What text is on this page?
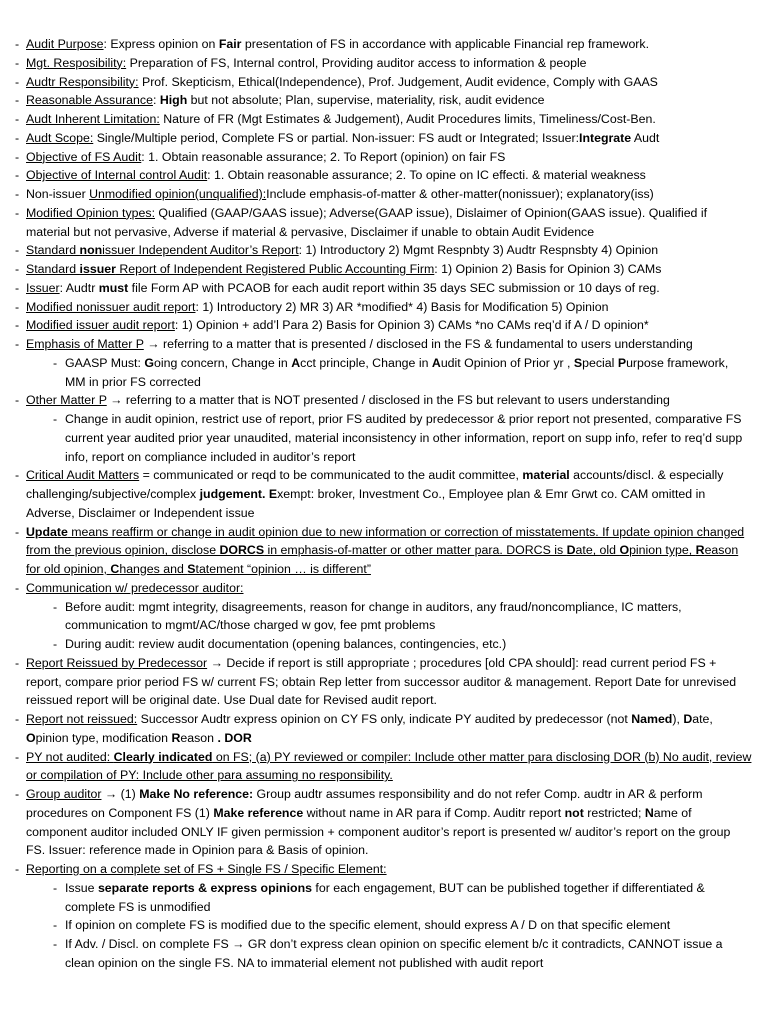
- Audit Purpose: Express opinion on Fair presentation of FS in accordance with applicable Financial rep framework.
- Mgt. Resposibility: Preparation of FS, Internal control, Providing auditor access to information & people
- Audtr Responsibility: Prof. Skepticism, Ethical(Independence), Prof. Judgement, Audit evidence, Comply with GAAS
- Reasonable Assurance: High but not absolute; Plan, supervise, materiality, risk, audit evidence
- Audt Inherent Limitation: Nature of FR (Mgt Estimates & Judgement), Audit Procedures limits, Timeliness/Cost-Ben.
- Audt Scope: Single/Multiple period, Complete FS or partial. Non-issuer: FS audt or Integrated; Issuer:Integrate Audt
- Objective of FS Audit: 1. Obtain reasonable assurance; 2. To Report (opinion) on fair FS
- Objective of Internal control Audit: 1. Obtain reasonable assurance; 2. To opine on IC effecti. & material weakness
- Non-issuer Unmodified opinion(unqualified):Include emphasis-of-matter & other-matter(nonissuer); explanatory(iss)
- Modified Opinion types: Qualified (GAAP/GAAS issue); Adverse(GAAP issue), Dislaimer of Opinion(GAAS issue). Qualified if material but not pervasive, Adverse if material & pervasive, Disclaimer if unable to obtain Audit Evidence
- Standard nonissuer Independent Auditor’s Report: 1) Introductory 2) Mgmt Respnbty 3) Audtr Respnsbty 4) Opinion
- Standard issuer Report of Independent Registered Public Accounting Firm: 1) Opinion 2) Basis for Opinion 3) CAMs
- Issuer: Audtr must file Form AP with PCAOB for each audit report within 35 days SEC submission or 10 days of reg.
- Modified nonissuer audit report: 1) Introductory 2) MR 3) AR *modified* 4) Basis for Modification 5) Opinion
- Modified issuer audit report: 1) Opinion + add’l Para 2) Basis for Opinion 3) CAMs *no CAMs req’d if A / D opinion*
- Emphasis of Matter P → referring to a matter that is presented / disclosed in the FS & fundamental to users understanding
- GAASP Must: Going concern, Change in Acct principle, Change in Audit Opinion of Prior yr , Special Purpose framework, MM in prior FS corrected
- Other Matter P → referring to a matter that is NOT presented / disclosed in the FS but relevant to users understanding
- Change in audit opinion, restrict use of report, prior FS audited by predecessor & prior report not presented, comparative FS current year audited prior year unaudited, material inconsistency in other information, report on supp info, refer to req’d supp info, report on compliance included in auditor’s report
- Critical Audit Matters = communicated or reqd to be communicated to the audit committee, material accounts/discl. & especially challenging/subjective/complex judgement. Exempt: broker, Investment Co., Employee plan & Emr Grwt co. CAM omitted in Adverse, Disclaimer or Independent issue
- Update means reaffirm or change in audit opinion due to new information or correction of misstatements. If update opinion changed from the previous opinion, disclose DORCS in emphasis-of-matter or other matter para. DORCS is Date, old Opinion type, Reason for old opinion, Changes and Statement “opinion … is different”
- Communication w/ predecessor auditor:
- Before audit: mgmt integrity, disagreements, reason for change in auditors, any fraud/noncompliance, IC matters, communication to mgmt/AC/those charged w gov, fee pmt problems
- During audit: review audit documentation (opening balances, contingencies, etc.)
- Report Reissued by Predecessor → Decide if report is still appropriate ; procedures [old CPA should]: read current period FS + report, compare prior period FS w/ current FS; obtain Rep letter from successor auditor & management. Report Date for unrevised reissued report will be original date. Use Dual date for Revised audit report.
- Report not reissued: Successor Audtr express opinion on CY FS only, indicate PY audited by predecessor (not Named), Date, Opinion type, modification Reason . DOR
- PY not audited: Clearly indicated on FS; (a) PY reviewed or compiler: Include other matter para disclosing DOR (b) No audit, review or compilation of PY: Include other para assuming no responsibility.
- Group auditor → (1) Make No reference: Group audtr assumes responsibility and do not refer Comp. audtr in AR & perform procedures on Component FS (1) Make reference without name in AR para if Comp. Auditr report not restricted; Name of component auditor included ONLY IF given permission + component auditor’s report is presented w/ auditor’s report on the group FS. Issuer: reference made in Opinion para & Basis of opinion.
- Reporting on a complete set of FS + Single FS / Specific Element:
- Issue separate reports & express opinions for each engagement, BUT can be published together if differentiated & complete FS is unmodified
- If opinion on complete FS is modified due to the specific element, should express A / D on that specific element
- If Adv. / Discl. on complete FS → GR don’t express clean opinion on specific element b/c it contradicts, CANNOT issue a clean opinion on the single FS. NA to immaterial element not published with audit report
